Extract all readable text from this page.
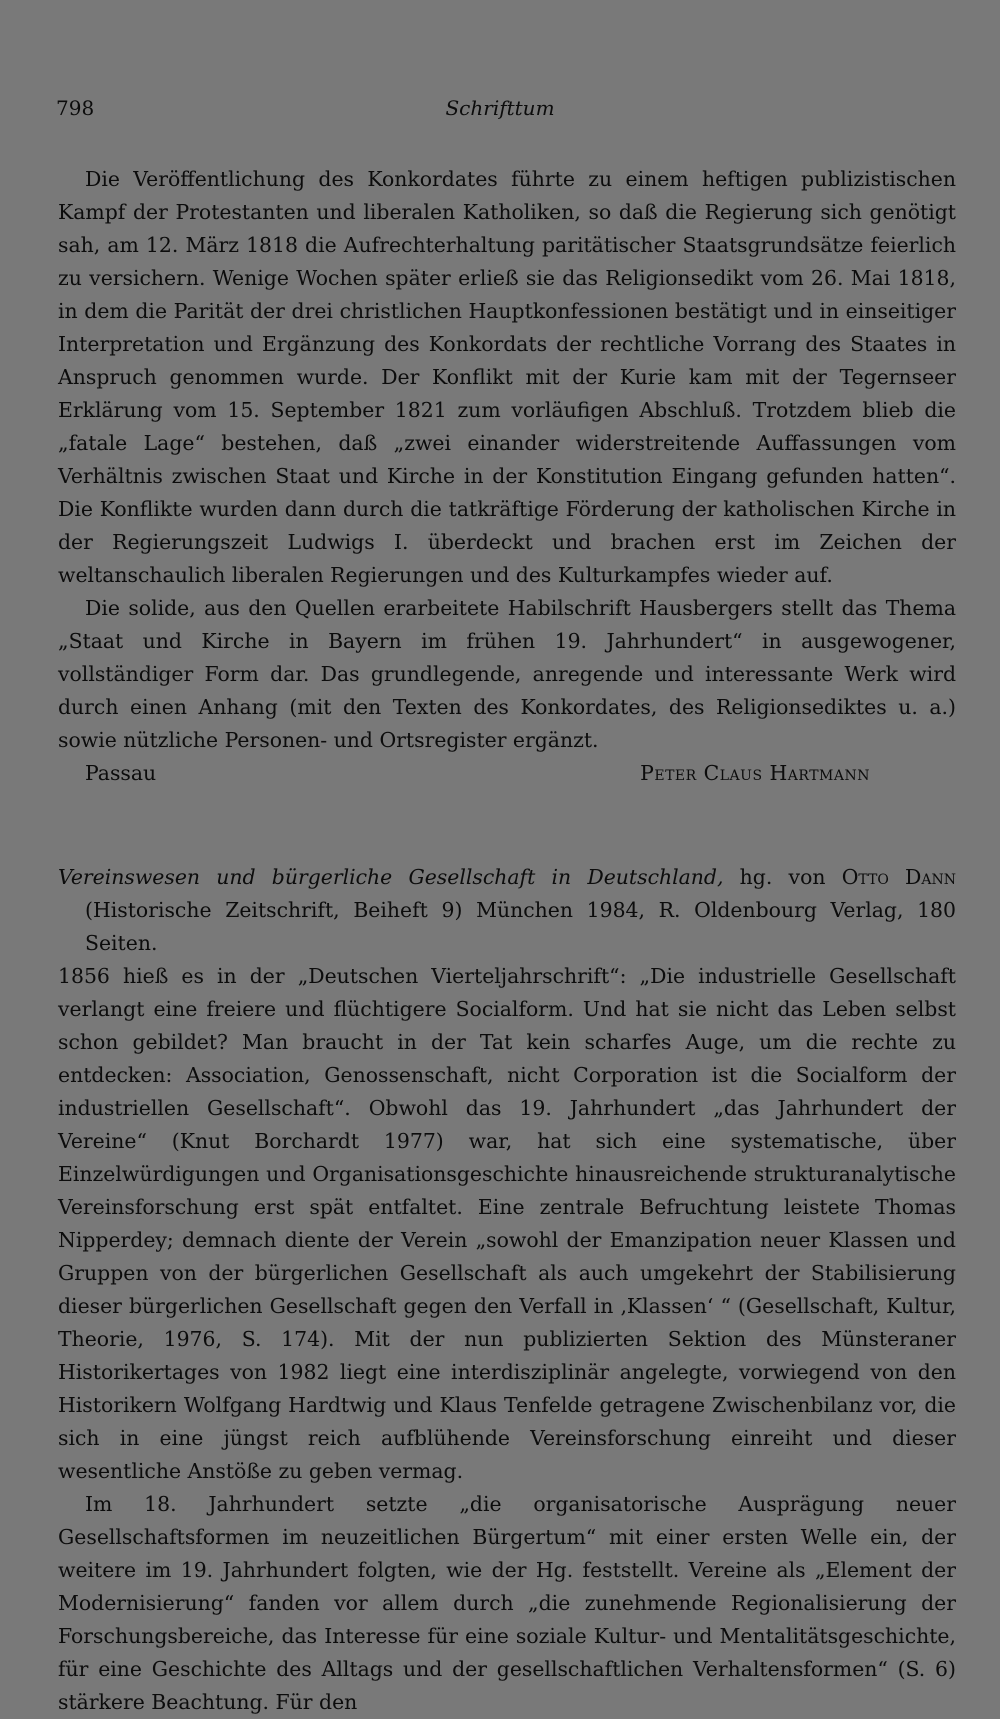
798	Schrifttum

Die Veröffentlichung des Konkordates führte zu einem heftigen publizistischen Kampf der Protestanten und liberalen Katholiken, so daß die Regierung sich genötigt sah, am 12. März 1818 die Aufrechterhaltung paritätischer Staatsgrundsätze feierlich zu versichern. Wenige Wochen später erließ sie das Religionsedikt vom 26. Mai 1818, in dem die Parität der drei christlichen Hauptkonfessionen bestätigt und in einseitiger Interpretation und Ergänzung des Konkordats der rechtliche Vorrang des Staates in Anspruch genommen wurde. Der Konflikt mit der Kurie kam mit der Tegernseer Erklärung vom 15. September 1821 zum vorläufigen Abschluß. Trotzdem blieb die „fatale Lage“ bestehen, daß „zwei einander widerstreitende Auffassungen vom Verhältnis zwischen Staat und Kirche in der Konstitution Eingang gefunden hatten“. Die Konflikte wurden dann durch die tatkräftige Förderung der katholischen Kirche in der Regierungszeit Ludwigs I. überdeckt und brachen erst im Zeichen der weltanschaulich liberalen Regierungen und des Kulturkampfes wieder auf.

Die solide, aus den Quellen erarbeitete Habilschrift Hausbergers stellt das Thema „Staat und Kirche in Bayern im frühen 19. Jahrhundert“ in ausgewogener, vollständiger Form dar. Das grundlegende, anregende und interessante Werk wird durch einen Anhang (mit den Texten des Konkordates, des Religionsediktes u. a.) sowie nützliche Personen- und Ortsregister ergänzt.

Passau	Peter Claus Hartmann

Vereinswesen und bürgerliche Gesellschaft in Deutschland, hg. von Otto Dann (Historische Zeitschrift, Beiheft 9) München 1984, R. Oldenbourg Verlag, 180 Seiten.

1856 hieß es in der „Deutschen Vierteljahrschrift“: „Die industrielle Gesellschaft verlangt eine freiere und flüchtigere Socialform. Und hat sie nicht das Leben selbst schon gebildet? Man braucht in der Tat kein scharfes Auge, um die rechte zu entdecken: Association, Genossenschaft, nicht Corporation ist die Socialform der industriellen Gesellschaft“. Obwohl das 19. Jahrhundert „das Jahrhundert der Vereine“ (Knut Borchardt 1977) war, hat sich eine systematische, über Einzelwürdigungen und Organisationsgeschichte hinausreichende strukturanalytische Vereinsforschung erst spät entfaltet. Eine zentrale Befruchtung leistete Thomas Nipperdey; demnach diente der Verein „sowohl der Emanzipation neuer Klassen und Gruppen von der bürgerlichen Gesellschaft als auch umgekehrt der Stabilisierung dieser bürgerlichen Gesellschaft gegen den Verfall in ‚Klassen‘ “ (Gesellschaft, Kultur, Theorie, 1976, S. 174). Mit der nun publizierten Sektion des Münsteraner Historikertages von 1982 liegt eine interdisziplinär angelegte, vorwiegend von den Historikern Wolfgang Hardtwig und Klaus Tenfelde getragene Zwischenbilanz vor, die sich in eine jüngst reich aufblühende Vereinsforschung einreiht und dieser wesentliche Anstöße zu geben vermag.

Im 18. Jahrhundert setzte „die organisatorische Ausprägung neuer Gesellschaftsformen im neuzeitlichen Bürgertum“ mit einer ersten Welle ein, der weitere im 19. Jahrhundert folgten, wie der Hg. feststellt. Vereine als „Element der Modernisierung“ fanden vor allem durch „die zunehmende Regionalisierung der Forschungsbereiche, das Interesse für eine soziale Kultur- und Mentalitätsgeschichte, für eine Geschichte des Alltags und der gesellschaftlichen Verhaltensformen“ (S. 6) stärkere Beachtung. Für den
